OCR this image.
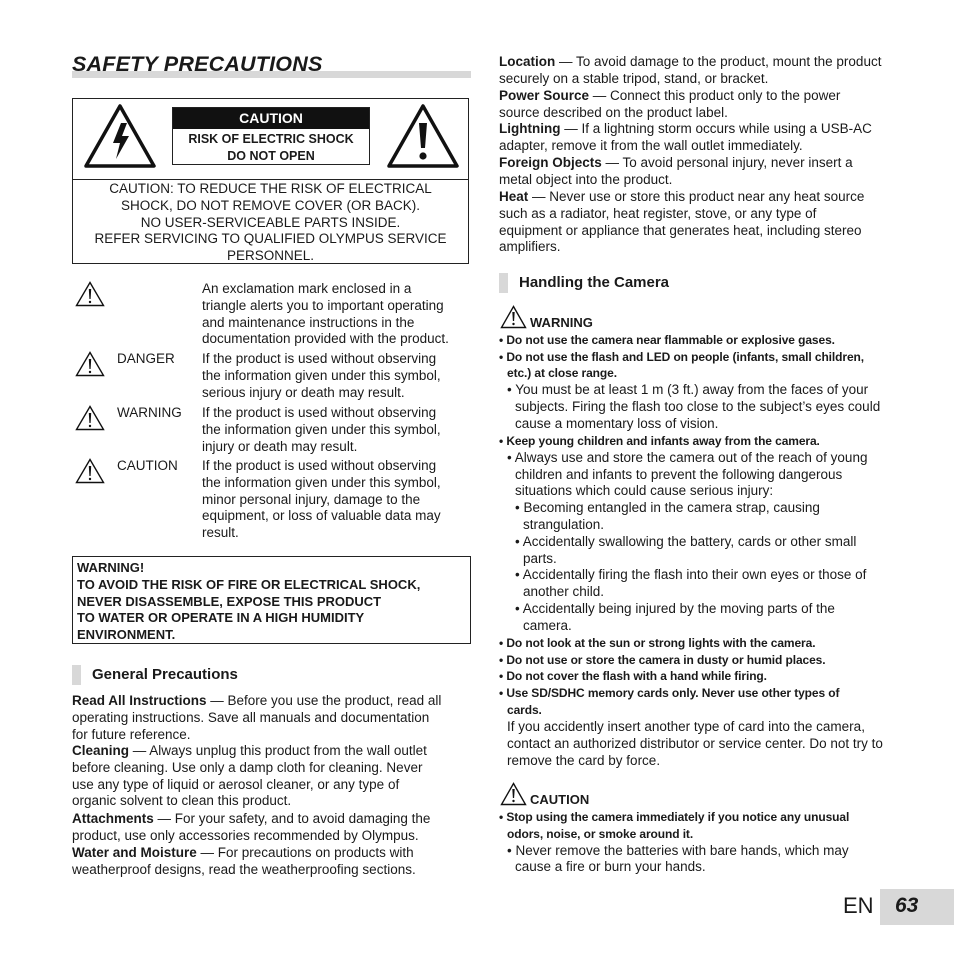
SAFETY PRECAUTIONS
CAUTION
RISK OF ELECTRIC SHOCK
DO NOT OPEN
CAUTION: TO REDUCE THE RISK OF ELECTRICAL
SHOCK, DO NOT REMOVE COVER (OR BACK).
NO USER-SERVICEABLE PARTS INSIDE.
REFER SERVICING TO QUALIFIED OLYMPUS SERVICE
PERSONNEL.
An exclamation mark enclosed in a
triangle alerts you to important operating
and maintenance instructions in the
documentation provided with the product.
DANGER If the product is used without observing
the information given under this symbol,
serious injury or death may result.
WARNING If the product is used without observing
the information given under this symbol,
injury or death may result.
CAUTION If the product is used without observing
the information given under this symbol,
minor personal injury, damage to the
equipment, or loss of valuable data may
result.
WARNING!
TO AVOID THE RISK OF FIRE OR ELECTRICAL SHOCK,
NEVER DISASSEMBLE, EXPOSE THIS PRODUCT
TO WATER OR OPERATE IN A HIGH HUMIDITY
ENVIRONMENT.
General Precautions
Read All Instructions — Before you use the product, read all
operating instructions. Save all manuals and documentation
for future reference.
Cleaning — Always unplug this product from the wall outlet
before cleaning. Use only a damp cloth for cleaning. Never
use any type of liquid or aerosol cleaner, or any type of
organic solvent to clean this product.
Attachments — For your safety, and to avoid damaging the
product, use only accessories recommended by Olympus.
Water and Moisture — For precautions on products with
weatherproof designs, read the weatherproofing sections.
Location — To avoid damage to the product, mount the product
securely on a stable tripod, stand, or bracket.
Power Source — Connect this product only to the power
source described on the product label.
Lightning — If a lightning storm occurs while using a USB-AC
adapter, remove it from the wall outlet immediately.
Foreign Objects — To avoid personal injury, never insert a
metal object into the product.
Heat — Never use or store this product near any heat source
such as a radiator, heat register, stove, or any type of
equipment or appliance that generates heat, including stereo
amplifiers.
Handling the Camera
WARNING
• Do not use the camera near flammable or explosive gases.
• Do not use the flash and LED on people (infants, small children,
etc.) at close range.
• You must be at least 1 m (3 ft.) away from the faces of your
subjects. Firing the flash too close to the subject’s eyes could
cause a momentary loss of vision.
• Keep young children and infants away from the camera.
• Always use and store the camera out of the reach of young
children and infants to prevent the following dangerous
situations which could cause serious injury:
• Becoming entangled in the camera strap, causing
strangulation.
• Accidentally swallowing the battery, cards or other small
parts.
• Accidentally firing the flash into their own eyes or those of
another child.
• Accidentally being injured by the moving parts of the
camera.
• Do not look at the sun or strong lights with the camera.
• Do not use or store the camera in dusty or humid places.
• Do not cover the flash with a hand while firing.
• Use SD/SDHC memory cards only. Never use other types of
cards.
If you accidently insert another type of card into the camera,
contact an authorized distributor or service center. Do not try to
remove the card by force.
CAUTION
• Stop using the camera immediately if you notice any unusual
odors, noise, or smoke around it.
• Never remove the batteries with bare hands, which may
cause a fire or burn your hands.
EN 63
